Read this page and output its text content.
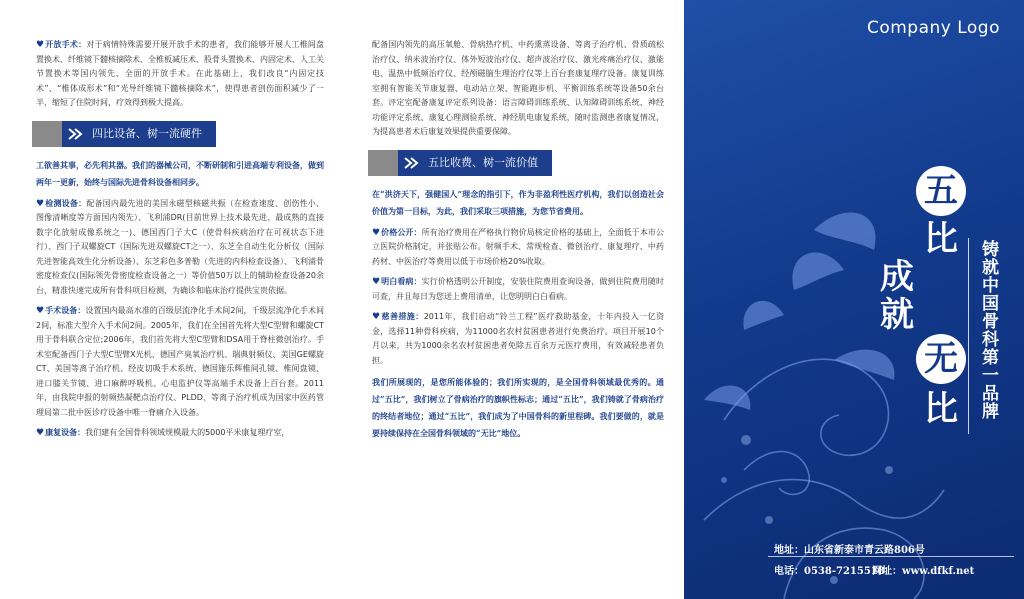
♥开放手术：对于病情特殊需要开展开放手术的患者，我们能够开展人工椎间盘置换术、纤维镜下髓核摘除术、全椎板减压术、股骨头置换术、内固定术、人工关节置换术等国内领先、全面的开放手术。在此基础上，我们改良“内固定技术”、“椎体成形术”和“光导纤维镜下髓核摘除术”，使得患者创伤面积减少了一半，缩短了住院时间，疗效得到极大提高。

四比设备、树一流硬件

工欲善其事，必先利其器。我们的器械公司，不断研制和引进高端专利设备，做到两年一更新，始终与国际先进骨科设备相同步。

♥检测设备：配备国内最先进的美国永磁型核磁共振（在检查速度、创伤性小、图像清晰度等方面国内领先）、飞利浦DR(目前世界上技术最先进、最成熟的直接数字化放射成像系统之一)、德国西门子大C（使骨科疾病治疗在可视状态下进行）、西门子双螺旋CT（国际先进双螺旋CT之一）、东芝全自动生化分析仪（国际先进智能高效生化分析设备）、东芝彩色多普勒（先进的内科检查设备）、飞利浦骨密度检查仪(国际领先骨密度检查设备之一）等价值50万以上的辅助检查设备20余台，精准快速完成所有骨科项目检测，为确诊和临床治疗提供宝贵依据。

♥手术设备：设置国内最高水准的百级层流净化手术间2间，千级层流净化手术间2间，标准大型介入手术间2间。2005年，我们在全国首先将大型C型臂和螺旋CT用于骨科联合定位;2006年，我们首先将大型C型臂和DSA用于脊柱微创治疗。手术室配备西门子大型C型臂X光机、德国产臭氧治疗机、瑞典射频仪、美国GE螺旋CT、美国等离子治疗机、经皮切吸手术系统、德国施乐辉椎间孔镜、椎间盘镜、进口膝关节镜、进口麻醉呼吸机、心电监护仪等高端手术设备上百台套。2011年，由我院申报的射频热凝靶点治疗仪、PLDD、等离子治疗机成为国家中医药管理局第二批中医诊疗设备中唯一脊痛介入设备。

♥康复设备：我们建有全国骨科领域规模最大的5000平米康复理疗室，

配备国内领先的高压氧舱、骨病热疗机、中药熏蒸设备、等离子治疗机、骨质疏松治疗仪、纳米波治疗仪、体外短波治疗仪、超声波治疗仪、激光疼痛治疗仪、激能电、温热中低频治疗仪、经颅磁脑生理治疗仪等上百台套康复理疗设备。康复训练室拥有智能关节康复器、电动站立架、智能跑步机、平衡训练系统等设备50余台套。评定室配备康复评定系列设备：语言障碍训练系统、认知障碍训练系统、神经功能评定系统、康复心理测验系统、神经肌电康复系统，随时监测患者康复情况，为提高患者术后康复效果提供重要保障。

五比收费、树一流价值

在“洪济天下，强健国人”理念的指引下，作为非盈利性医疗机构，我们以创造社会价值为第一目标，为此，我们采取三项措施，为您节省费用。

♥价格公开：所有治疗费用在严格执行物价局核定价格的基础上，全面低于本市公立医院价格制定，并张贴公布。射频手术、常规检查、微创治疗、康复理疗、中药药材、中医治疗等费用以低于市场价格20%收取。

♥明白看病：实行价格透明公开制度，安装住院费用查询设备，做到住院费用随时可查，并且每日为您送上费用清单，让您明明白白看病。

♥慈善措施：2011年，我们启动“铃兰工程”医疗救助基金，十年内投入一亿资金，选择11种骨科疾病，为11000名农村贫困患者进行免费治疗。项目开展10个月以来，共为1000余名农村贫困患者免除五百余万元医疗费用，有效减轻患者负担。

我们所展现的，是您所能体验的；我们所实现的，是全国骨科领域最优秀的。通过“五比”，我们树立了骨病治疗的旗帜性标志；通过“五比”，我们铸就了骨病治疗的终结者地位；通过“五比”，我们成为了中国骨科的新里程碑。我们要做的，就是要持续保持在全国骨科领域的“无比”地位。

Company Logo
五
比
成
就
无
比 铸就中国骨科第一品牌
地址：山东省新泰市青云路806号
电话：0538-7215518
网址：www.dfkf.net
